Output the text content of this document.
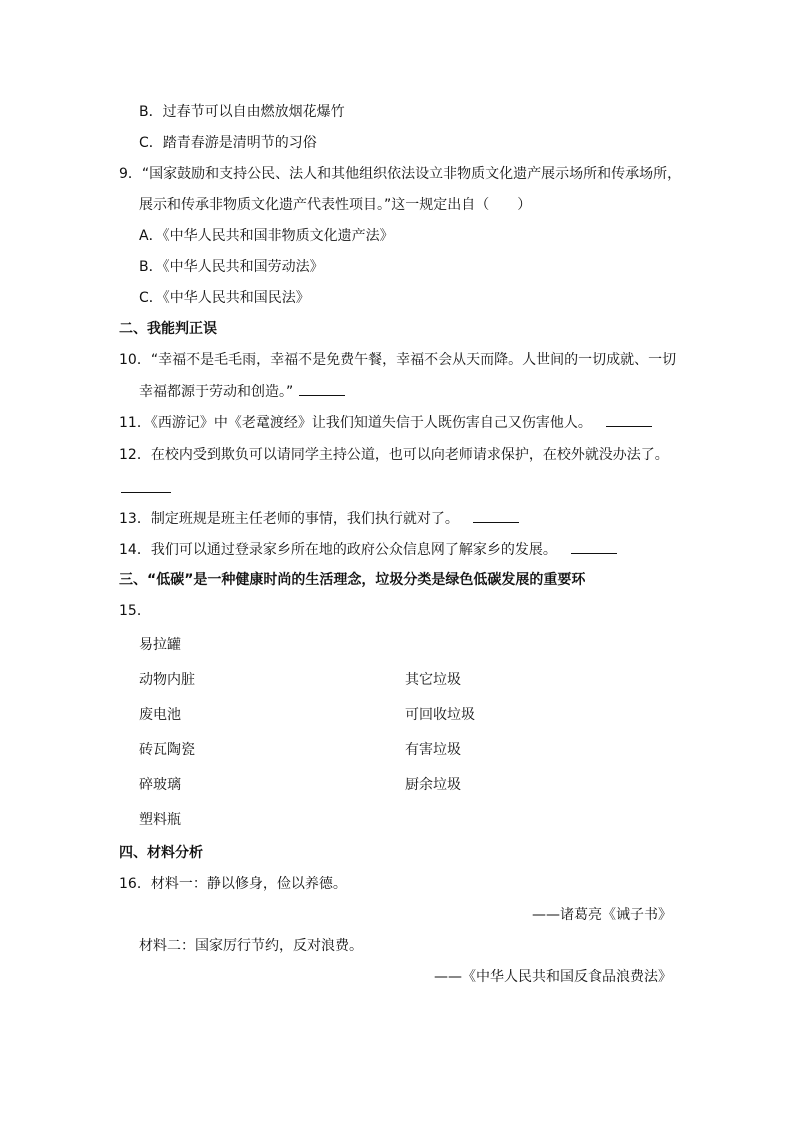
B．过春节可以自由燃放烟花爆竹
C．踏青春游是清明节的习俗
9．“国家鼓励和支持公民、法人和其他组织依法设立非物质文化遗产展示场所和传承场所，
展示和传承非物质文化遗产代表性项目。”这一规定出自（　　）
A．《中华人民共和国非物质文化遗产法》
B．《中华人民共和国劳动法》
C．《中华人民共和国民法》
二、我能判正误
10．“幸福不是毛毛雨，幸福不是免费午餐，幸福不会从天而降。人世间的一切成就、一切
幸福都源于劳动和创造。”
11．《西游记》中《老鼋渡经》让我们知道失信于人既伤害自己又伤害他人。
12．在校内受到欺负可以请同学主持公道，也可以向老师请求保护，在校外就没办法了。
13．制定班规是班主任老师的事情，我们执行就对了。
14．我们可以通过登录家乡所在地的政府公众信息网了解家乡的发展。
三、“低碳”是一种健康时尚的生活理念，垃圾分类是绿色低碳发展的重要环
15．
易拉罐
动物内脏
废电池
砖瓦陶瓷
碎玻璃
塑料瓶
其它垃圾
可回收垃圾
有害垃圾
厨余垃圾
四、材料分析
16．材料一：静以修身，俭以养德。
——诸葛亮《诫子书》
材料二：国家厉行节约，反对浪费。
——《中华人民共和国反食品浪费法》
